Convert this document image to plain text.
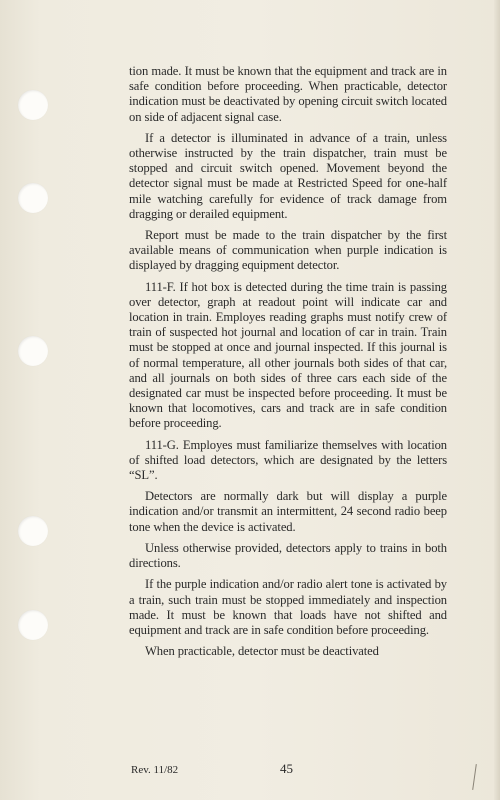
tion made. It must be known that the equipment and track are in safe condition before proceeding. When practicable, detector indication must be deactivated by opening circuit switch located on side of adjacent signal case.

If a detector is illuminated in advance of a train, unless otherwise instructed by the train dispatcher, train must be stopped and circuit switch opened. Movement beyond the detector signal must be made at Restricted Speed for one-half mile watching carefully for evidence of track damage from dragging or derailed equipment.

Report must be made to the train dispatcher by the first available means of communication when purple indication is displayed by dragging equipment detector.

111-F. If hot box is detected during the time train is passing over detector, graph at readout point will indicate car and location in train. Employes reading graphs must notify crew of train of suspected hot journal and location of car in train. Train must be stopped at once and journal inspected. If this journal is of normal temperature, all other journals both sides of that car, and all journals on both sides of three cars each side of the designated car must be inspected before proceeding. It must be known that locomotives, cars and track are in safe condition before proceeding.

111-G. Employes must familiarize themselves with location of shifted load detectors, which are designated by the letters “SL”.

Detectors are normally dark but will display a purple indication and/or transmit an intermittent, 24 second radio beep tone when the device is activated.

Unless otherwise provided, detectors apply to trains in both directions.

If the purple indication and/or radio alert tone is activated by a train, such train must be stopped immediately and inspection made. It must be known that loads have not shifted and equipment and track are in safe condition before proceeding.

When practicable, detector must be deactivated

Rev. 11/82	45
